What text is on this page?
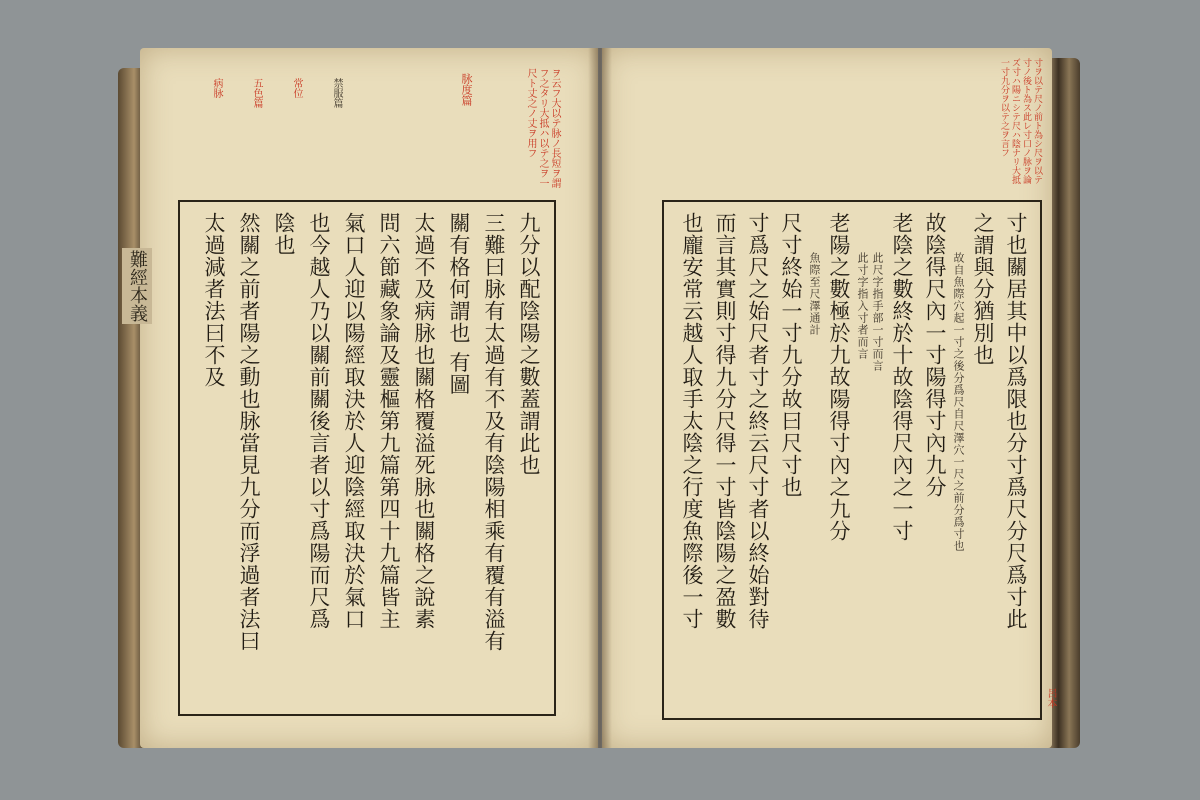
脉度篇	ヲ云フ大以テ脉ノ長短ヲ謂フ之タリ大抵ハ以テ之ヲ一尺ト丈之ノ丈ヲ用フ
病脉	五色篇	常位	禁服篇
九分以配陰陽之數蓋謂此也
三難曰脉有太過有不及有陰陽相乘有覆有溢有
關有格何謂也 有圖
太過不及病脉也關格覆溢死脉也關格之說素
問六節藏象論及靈樞第九篇第四十九篇皆主
氣口人迎以陽經取決於人迎陰經取決於氣口
也今越人乃以關前關後言者以寸爲陽而尺爲
陰也
然關之前者陽之動也脉當見九分而浮過者法曰
太過減者法曰不及
寸ヲ以テ尺ノ前ト為シ尺ヲ以テ寸ノ後ト為ス此レ寸口ノ脉ヲ論ズ寸ハ陽ニシテ尺ハ陰ナリ大抵一寸九分ヲ以テ之ヲ言フ
寸也關居其中以爲限也分寸爲尺分尺爲寸此
之謂與分猶別也
故自魚際穴起一寸之後分爲尺自尺澤穴一尺之前分爲寸也
故陰得尺內一寸陽得寸內九分
老陰之數終於十故陰得尺內之一寸
此尺字指手部一寸而言
此寸字指入寸者而言
老陽之數極於九故陽得寸內之九分
魚際至尺澤通計
尺寸終始一寸九分故曰尺寸也
寸爲尺之始尺者寸之終云尺寸者以終始對待
而言其實則寸得九分尺得一寸皆陰陽之盈數
也龐安常云越人取手太陰之行度魚際後一寸
呂本
難經本義
